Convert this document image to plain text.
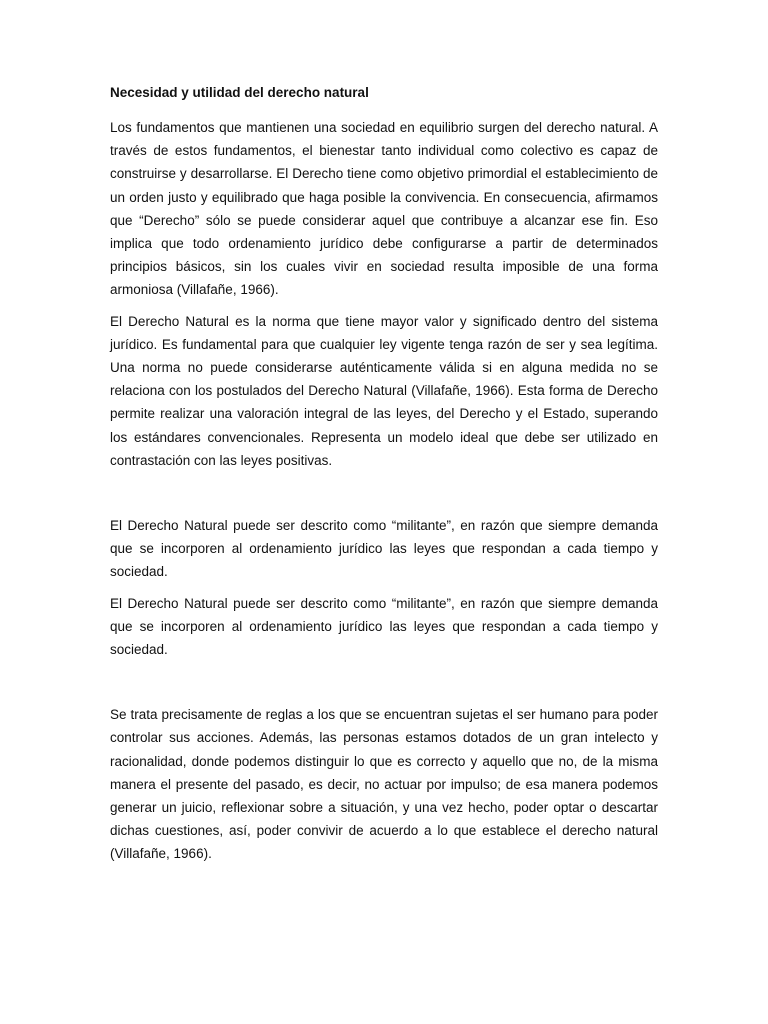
Necesidad y utilidad del derecho natural

Los fundamentos que mantienen una sociedad en equilibrio surgen del derecho natural. A través de estos fundamentos, el bienestar tanto individual como colectivo es capaz de construirse y desarrollarse. El Derecho tiene como objetivo primordial el establecimiento de un orden justo y equilibrado que haga posible la convivencia. En consecuencia, afirmamos que “Derecho” sólo se puede considerar aquel que contribuye a alcanzar ese fin. Eso implica que todo ordenamiento jurídico debe configurarse a partir de determinados principios básicos, sin los cuales vivir en sociedad resulta imposible de una forma armoniosa (Villafañe, 1966).

El Derecho Natural es la norma que tiene mayor valor y significado dentro del sistema jurídico. Es fundamental para que cualquier ley vigente tenga razón de ser y sea legítima. Una norma no puede considerarse auténticamente válida si en alguna medida no se relaciona con los postulados del Derecho Natural (Villafañe, 1966). Esta forma de Derecho permite realizar una valoración integral de las leyes, del Derecho y el Estado, superando los estándares convencionales. Representa un modelo ideal que debe ser utilizado en contrastación con las leyes positivas.

El Derecho Natural puede ser descrito como “militante”, en razón que siempre demanda que se incorporen al ordenamiento jurídico las leyes que respondan a cada tiempo y sociedad.

El Derecho Natural puede ser descrito como “militante”, en razón que siempre demanda que se incorporen al ordenamiento jurídico las leyes que respondan a cada tiempo y sociedad.

Se trata precisamente de reglas a los que se encuentran sujetas el ser humano para poder controlar sus acciones. Además, las personas estamos dotados de un gran intelecto y racionalidad, donde podemos distinguir lo que es correcto y aquello que no, de la misma manera el presente del pasado, es decir, no actuar por impulso; de esa manera podemos generar un juicio, reflexionar sobre a situación, y una vez hecho, poder optar o descartar dichas cuestiones, así, poder convivir de acuerdo a lo que establece el derecho natural (Villafañe, 1966).
